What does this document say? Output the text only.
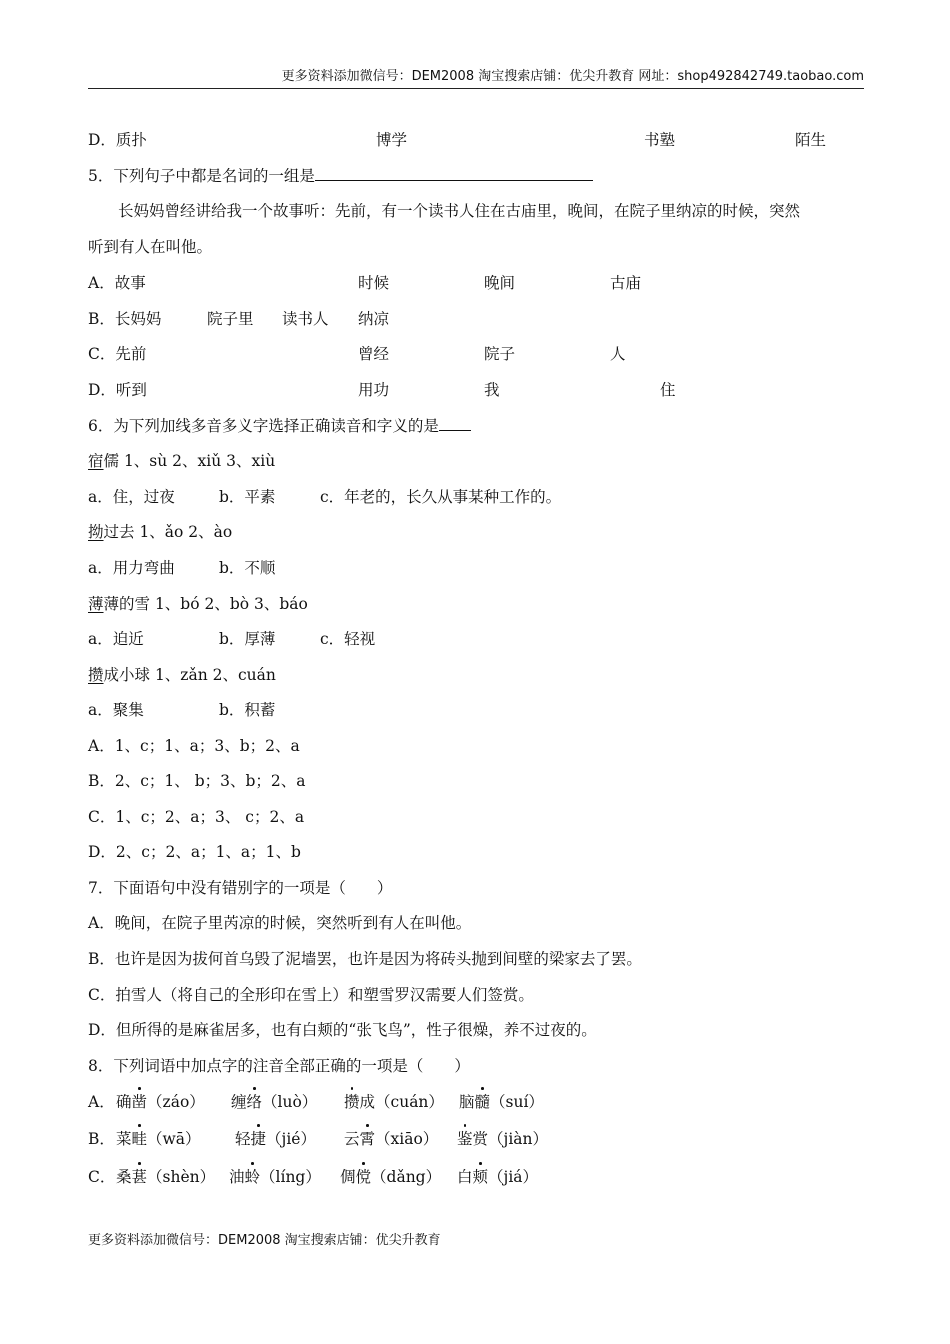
更多资料添加微信号：DEM2008 淘宝搜索店铺：优尖升教育 网址：shop492842749.taobao.com
D．质扑	博学	书塾	陌生
5．下列句子中都是名词的一组是
长妈妈曾经讲给我一个故事听：先前，有一个读书人住在古庙里，晚间，在院子里纳凉的时候，突然
听到有人在叫他。
A．故事	时候	晚间	古庙
B．长妈妈	院子里 读书人 纳凉
C．先前	曾经	院子	人
D．听到	用功	我	住
6．为下列加线多音多义字选择正确读音和字义的是
宿儒 1、sù 2、xiǔ 3、xiù
a．住，过夜	b．平素	c．年老的，长久从事某种工作的。
拗过去 1、ǎo 2、ào
a．用力弯曲	b．不顺
薄薄的雪 1、bó 2、bò 3、báo
a．迫近	b．厚薄	c．轻视
攒成小球 1、zǎn 2、cuán
a．聚集	b．积蓄
A．1、c；1、a；3、b；2、a
B．2、c；1、 b；3、b；2、a
C．1、c；2、a；3、 c；2、a
D．2、c；2、a；1、a；1、b
7．下面语句中没有错别字的一项是（　　）
A．晚间，在院子里芮凉的时候，突然听到有人在叫他。
B．也许是因为拔何首乌毁了泥墙罢，也许是因为将砖头抛到间壁的梁家去了罢。
C．拍雪人（将自己的全形印在雪上）和塑雪罗汉需要人们签赏。
D．但所得的是麻雀居多，也有白颊的“张飞鸟”，性子很燥，养不过夜的。
8．下列词语中加点字的注音全部正确的一项是（　　）
A． 确凿（záo） 缠络（luò） 攒成（cuán） 脑髓（suí）
B． 菜畦（wā） 轻捷（jié） 云霄（xiāo） 鉴赏（jiàn）
C． 桑葚（shèn） 油蛉（líng） 倜傥（dǎng） 白颊（jiá）
更多资料添加微信号：DEM2008 淘宝搜索店铺：优尖升教育
